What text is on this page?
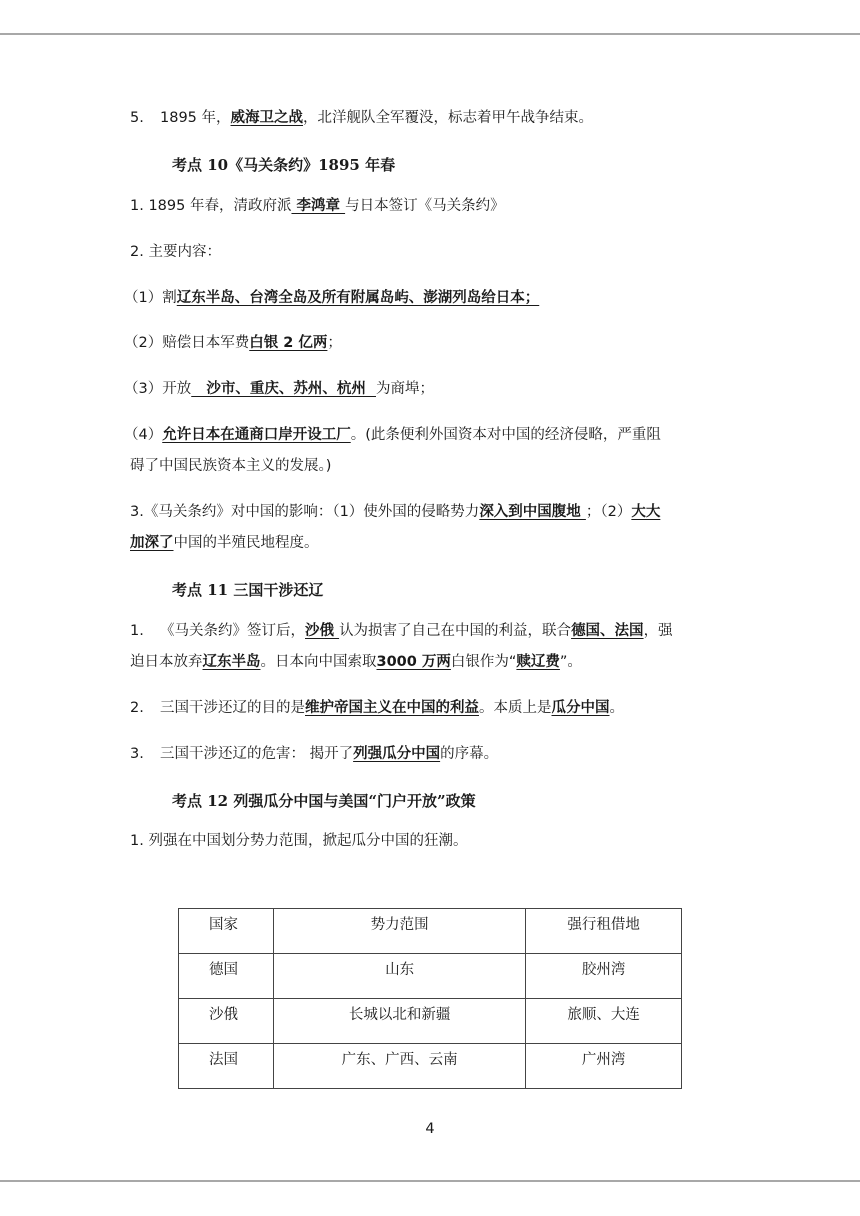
5. 1895 年，威海卫之战，北洋舰队全军覆没，标志着甲午战争结束。
考点 10《马关条约》1895 年春
1. 1895 年春，清政府派 李鸿章 与日本签订《马关条约》
2. 主要内容：
（1）割辽东半岛、台湾全岛及所有附属岛屿、澎湖列岛给日本；
（2）赔偿日本军费白银 2 亿两；
（3）开放   沙市、重庆、苏州、杭州  为商埠；
（4）允许日本在通商口岸开设工厂。(此条便利外国资本对中国的经济侵略，严重阻
碍了中国民族资本主义的发展。)
3.《马关条约》对中国的影响：（1）使外国的侵略势力深入到中国腹地 ；（2）大大
加深了中国的半殖民地程度。
考点 11 三国干涉还辽
1. 《马关条约》签订后，沙俄 认为损害了自己在中国的利益，联合德国、法国，强
迫日本放弃辽东半岛。日本向中国索取3000 万两白银作为“赎辽费”。
2. 三国干涉还辽的目的是维护帝国主义在中国的利益。本质上是瓜分中国。
3. 三国干涉还辽的危害： 揭开了列强瓜分中国的序幕。
考点 12 列强瓜分中国与美国“门户开放”政策
1. 列强在中国划分势力范围，掀起瓜分中国的狂潮。
国家	势力范围	强行租借地
德国	山东	胶州湾
沙俄	长城以北和新疆	旅顺、大连
法国	广东、广西、云南	广州湾
4
